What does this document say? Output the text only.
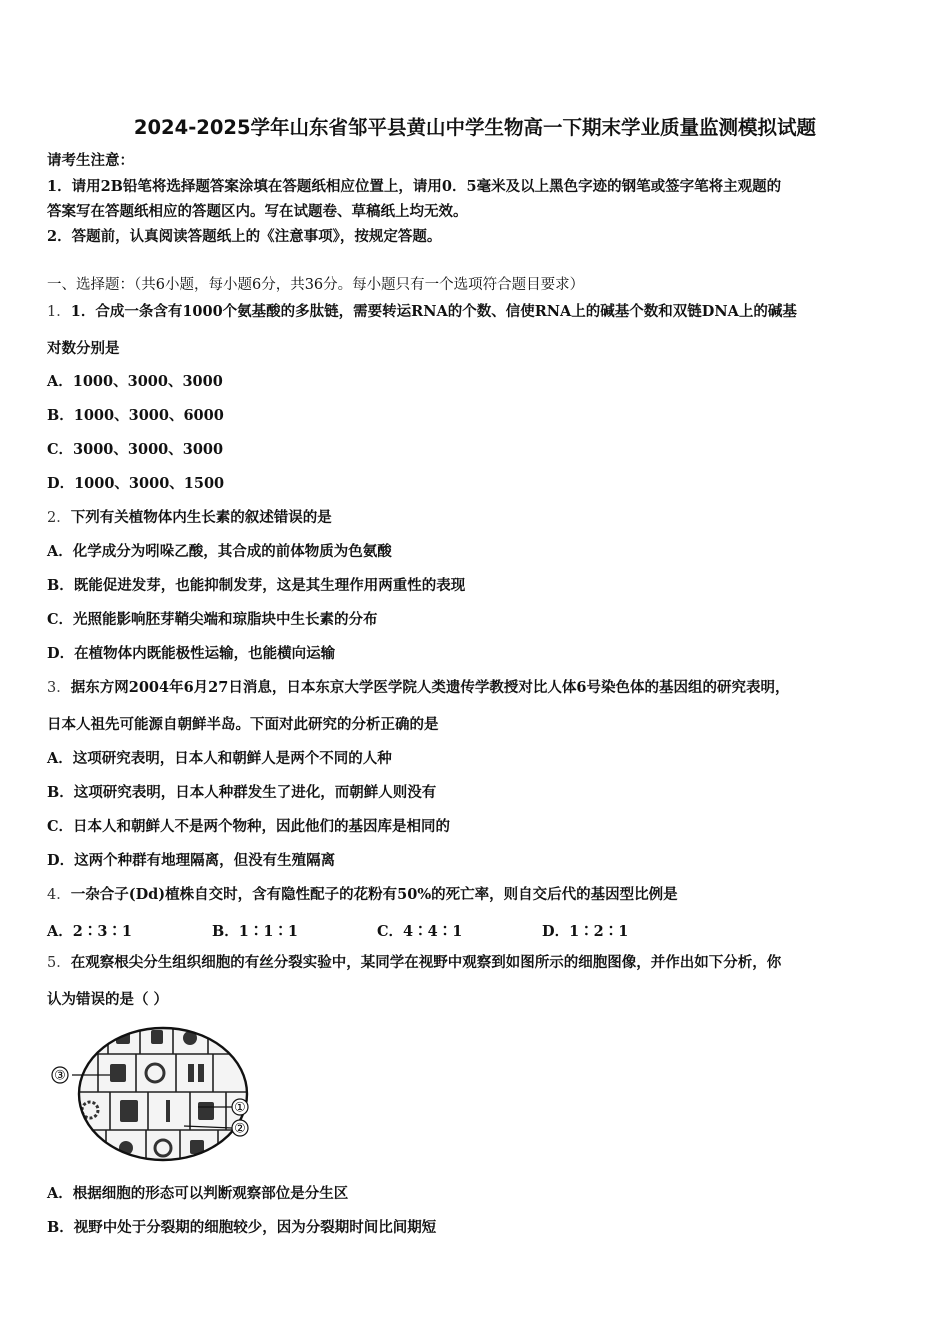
2024-2025学年山东省邹平县黄山中学生物高一下期末学业质量监测模拟试题
请考生注意：
1．请用2B铅笔将选择题答案涂填在答题纸相应位置上，请用0．5毫米及以上黑色字迹的钢笔或签字笔将主观题的
答案写在答题纸相应的答题区内。写在试题卷、草稿纸上均无效。
2．答题前，认真阅读答题纸上的《注意事项》，按规定答题。
一、选择题：（共6小题，每小题6分，共36分。每小题只有一个选项符合题目要求）
1．1．合成一条含有1000个氨基酸的多肽链，需要转运RNA的个数、信使RNA上的碱基个数和双链DNA上的碱基
对数分别是
A．1000、3000、3000
B．1000、3000、6000
C．3000、3000、3000
D．1000、3000、1500
2．下列有关植物体内生长素的叙述错误的是
A．化学成分为吲哚乙酸，其合成的前体物质为色氨酸
B．既能促进发芽，也能抑制发芽，这是其生理作用两重性的表现
C．光照能影响胚芽鞘尖端和琼脂块中生长素的分布
D．在植物体内既能极性运输，也能横向运输
3．据东方网2004年6月27日消息，日本东京大学医学院人类遗传学教授对比人体6号染色体的基因组的研究表明，
日本人祖先可能源自朝鲜半岛。下面对此研究的分析正确的是
A．这项研究表明，日本人和朝鲜人是两个不同的人种
B．这项研究表明，日本人种群发生了进化，而朝鲜人则没有
C．日本人和朝鲜人不是两个物种，因此他们的基因库是相同的
D．这两个种群有地理隔离，但没有生殖隔离
4．一杂合子(Dd)植株自交时，含有隐性配子的花粉有50%的死亡率，则自交后代的基因型比例是
A．2∶3∶1	B．1∶1∶1	C．4∶4∶1	D．1∶2∶1
5．在观察根尖分生组织细胞的有丝分裂实验中，某同学在视野中观察到如图所示的细胞图像，并作出如下分析，你
认为错误的是（ ）
③
①
②
A．根据细胞的形态可以判断观察部位是分生区
B．视野中处于分裂期的细胞较少，因为分裂期时间比间期短
